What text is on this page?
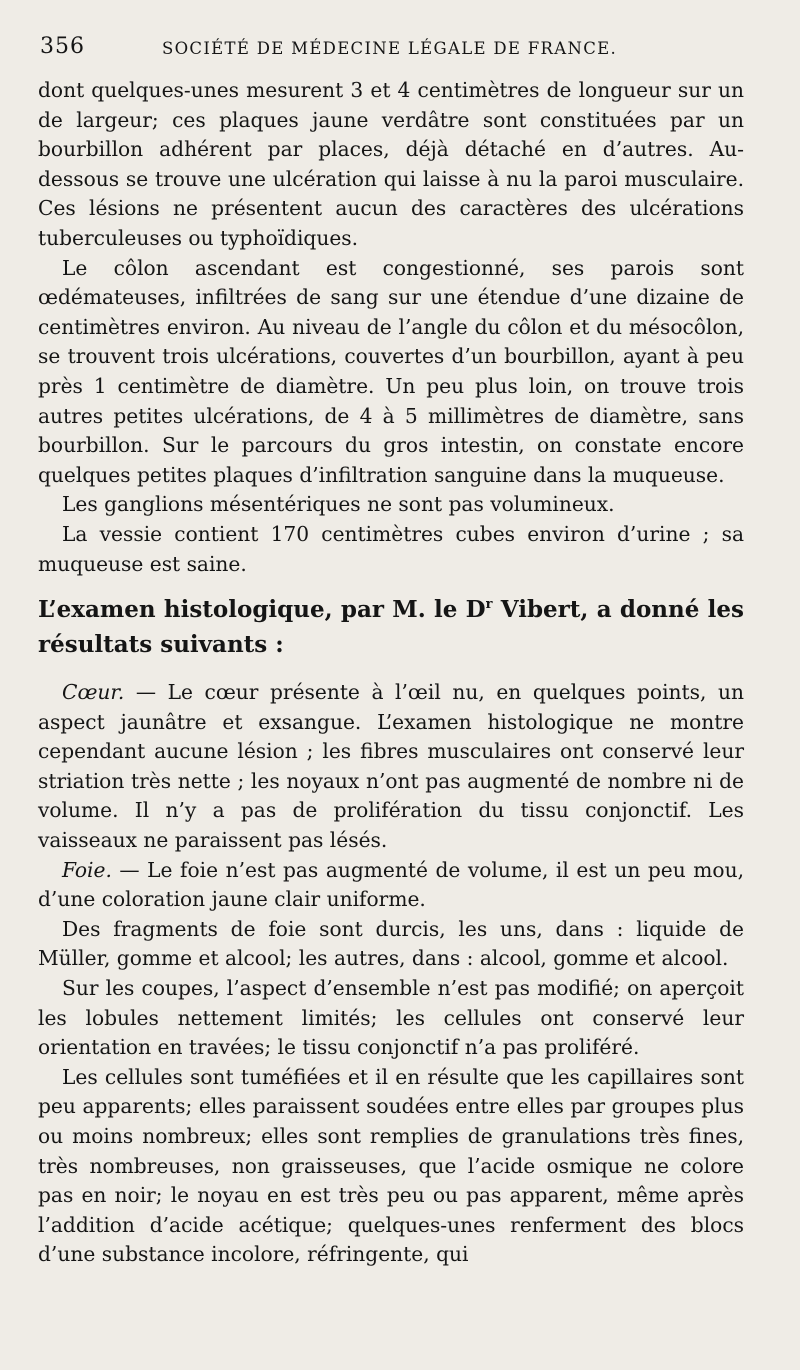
356	SOCIÉTÉ DE MÉDECINE LÉGALE DE FRANCE.

dont quelques-unes mesurent 3 et 4 centimètres de longueur sur un de largeur; ces plaques jaune verdâtre sont constituées par un bourbillon adhérent par places, déjà détaché en d’autres. Au-dessous se trouve une ulcération qui laisse à nu la paroi musculaire. Ces lésions ne présentent aucun des caractères des ulcérations tuberculeuses ou typhoïdiques.

Le côlon ascendant est congestionné, ses parois sont œdémateuses, infiltrées de sang sur une étendue d’une dizaine de centimètres environ. Au niveau de l’angle du côlon et du mésocôlon, se trouvent trois ulcérations, couvertes d’un bourbillon, ayant à peu près 1 centimètre de diamètre. Un peu plus loin, on trouve trois autres petites ulcérations, de 4 à 5 millimètres de diamètre, sans bourbillon. Sur le parcours du gros intestin, on constate encore quelques petites plaques d’infiltration sanguine dans la muqueuse.

Les ganglions mésentériques ne sont pas volumineux.

La vessie contient 170 centimètres cubes environ d’urine ; sa muqueuse est saine.

L’examen histologique, par M. le $D^r$ Vibert, a donné les résultats suivants :

Cœur. — Le cœur présente à l’œil nu, en quelques points, un aspect jaunâtre et exsangue. L’examen histologique ne montre cependant aucune lésion ; les fibres musculaires ont conservé leur striation très nette ; les noyaux n’ont pas augmenté de nombre ni de volume. Il n’y a pas de prolifération du tissu conjonctif. Les vaisseaux ne paraissent pas lésés.

Foie. — Le foie n’est pas augmenté de volume, il est un peu mou, d’une coloration jaune clair uniforme.

Des fragments de foie sont durcis, les uns, dans : liquide de Müller, gomme et alcool; les autres, dans : alcool, gomme et alcool.

Sur les coupes, l’aspect d’ensemble n’est pas modifié; on aperçoit les lobules nettement limités; les cellules ont conservé leur orientation en travées; le tissu conjonctif n’a pas proliféré.

Les cellules sont tuméfiées et il en résulte que les capillaires sont peu apparents; elles paraissent soudées entre elles par groupes plus ou moins nombreux; elles sont remplies de granulations très fines, très nombreuses, non graisseuses, que l’acide osmique ne colore pas en noir; le noyau en est très peu ou pas apparent, même après l’addition d’acide acétique; quelques-unes renferment des blocs d’une substance incolore, réfringente, qui
